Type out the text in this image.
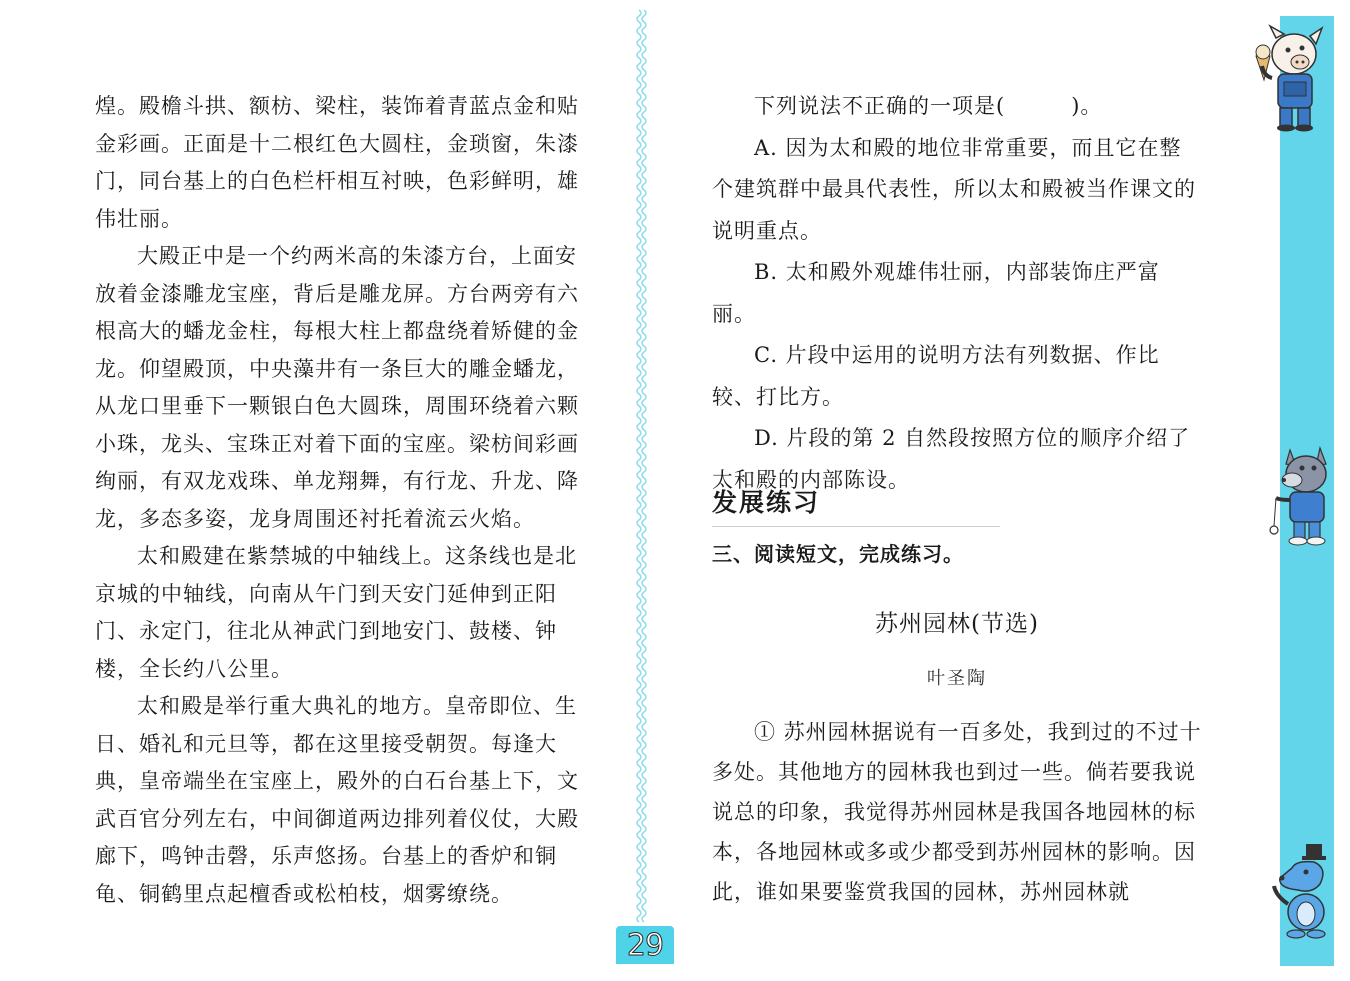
煌。殿檐斗拱、额枋、梁柱，装饰着青蓝点金和贴金彩画。正面是十二根红色大圆柱，金琐窗，朱漆门，同台基上的白色栏杆相互衬映，色彩鲜明，雄伟壮丽。

大殿正中是一个约两米高的朱漆方台，上面安放着金漆雕龙宝座，背后是雕龙屏。方台两旁有六根高大的蟠龙金柱，每根大柱上都盘绕着矫健的金龙。仰望殿顶，中央藻井有一条巨大的雕金蟠龙，从龙口里垂下一颗银白色大圆珠，周围环绕着六颗小珠，龙头、宝珠正对着下面的宝座。梁枋间彩画绚丽，有双龙戏珠、单龙翔舞，有行龙、升龙、降龙，多态多姿，龙身周围还衬托着流云火焰。

太和殿建在紫禁城的中轴线上。这条线也是北京城的中轴线，向南从午门到天安门延伸到正阳门、永定门，往北从神武门到地安门、鼓楼、钟楼，全长约八公里。

太和殿是举行重大典礼的地方。皇帝即位、生日、婚礼和元旦等，都在这里接受朝贺。每逢大典，皇帝端坐在宝座上，殿外的白石台基上下，文武百官分列左右，中间御道两边排列着仪仗，大殿廊下，鸣钟击磬，乐声悠扬。台基上的香炉和铜龟、铜鹤里点起檀香或松柏枝，烟雾缭绕。

下列说法不正确的一项是(　　　)。

A. 因为太和殿的地位非常重要，而且它在整个建筑群中最具代表性，所以太和殿被当作课文的说明重点。

B. 太和殿外观雄伟壮丽，内部装饰庄严富丽。

C. 片段中运用的说明方法有列数据、作比较、打比方。

D. 片段的第 2 自然段按照方位的顺序介绍了太和殿的内部陈设。

发展练习
三、阅读短文，完成练习。
苏州园林(节选)
叶圣陶

① 苏州园林据说有一百多处，我到过的不过十多处。其他地方的园林我也到过一些。倘若要我说说总的印象，我觉得苏州园林是我国各地园林的标本，各地园林或多或少都受到苏州园林的影响。因此，谁如果要鉴赏我国的园林，苏州园林就

29
